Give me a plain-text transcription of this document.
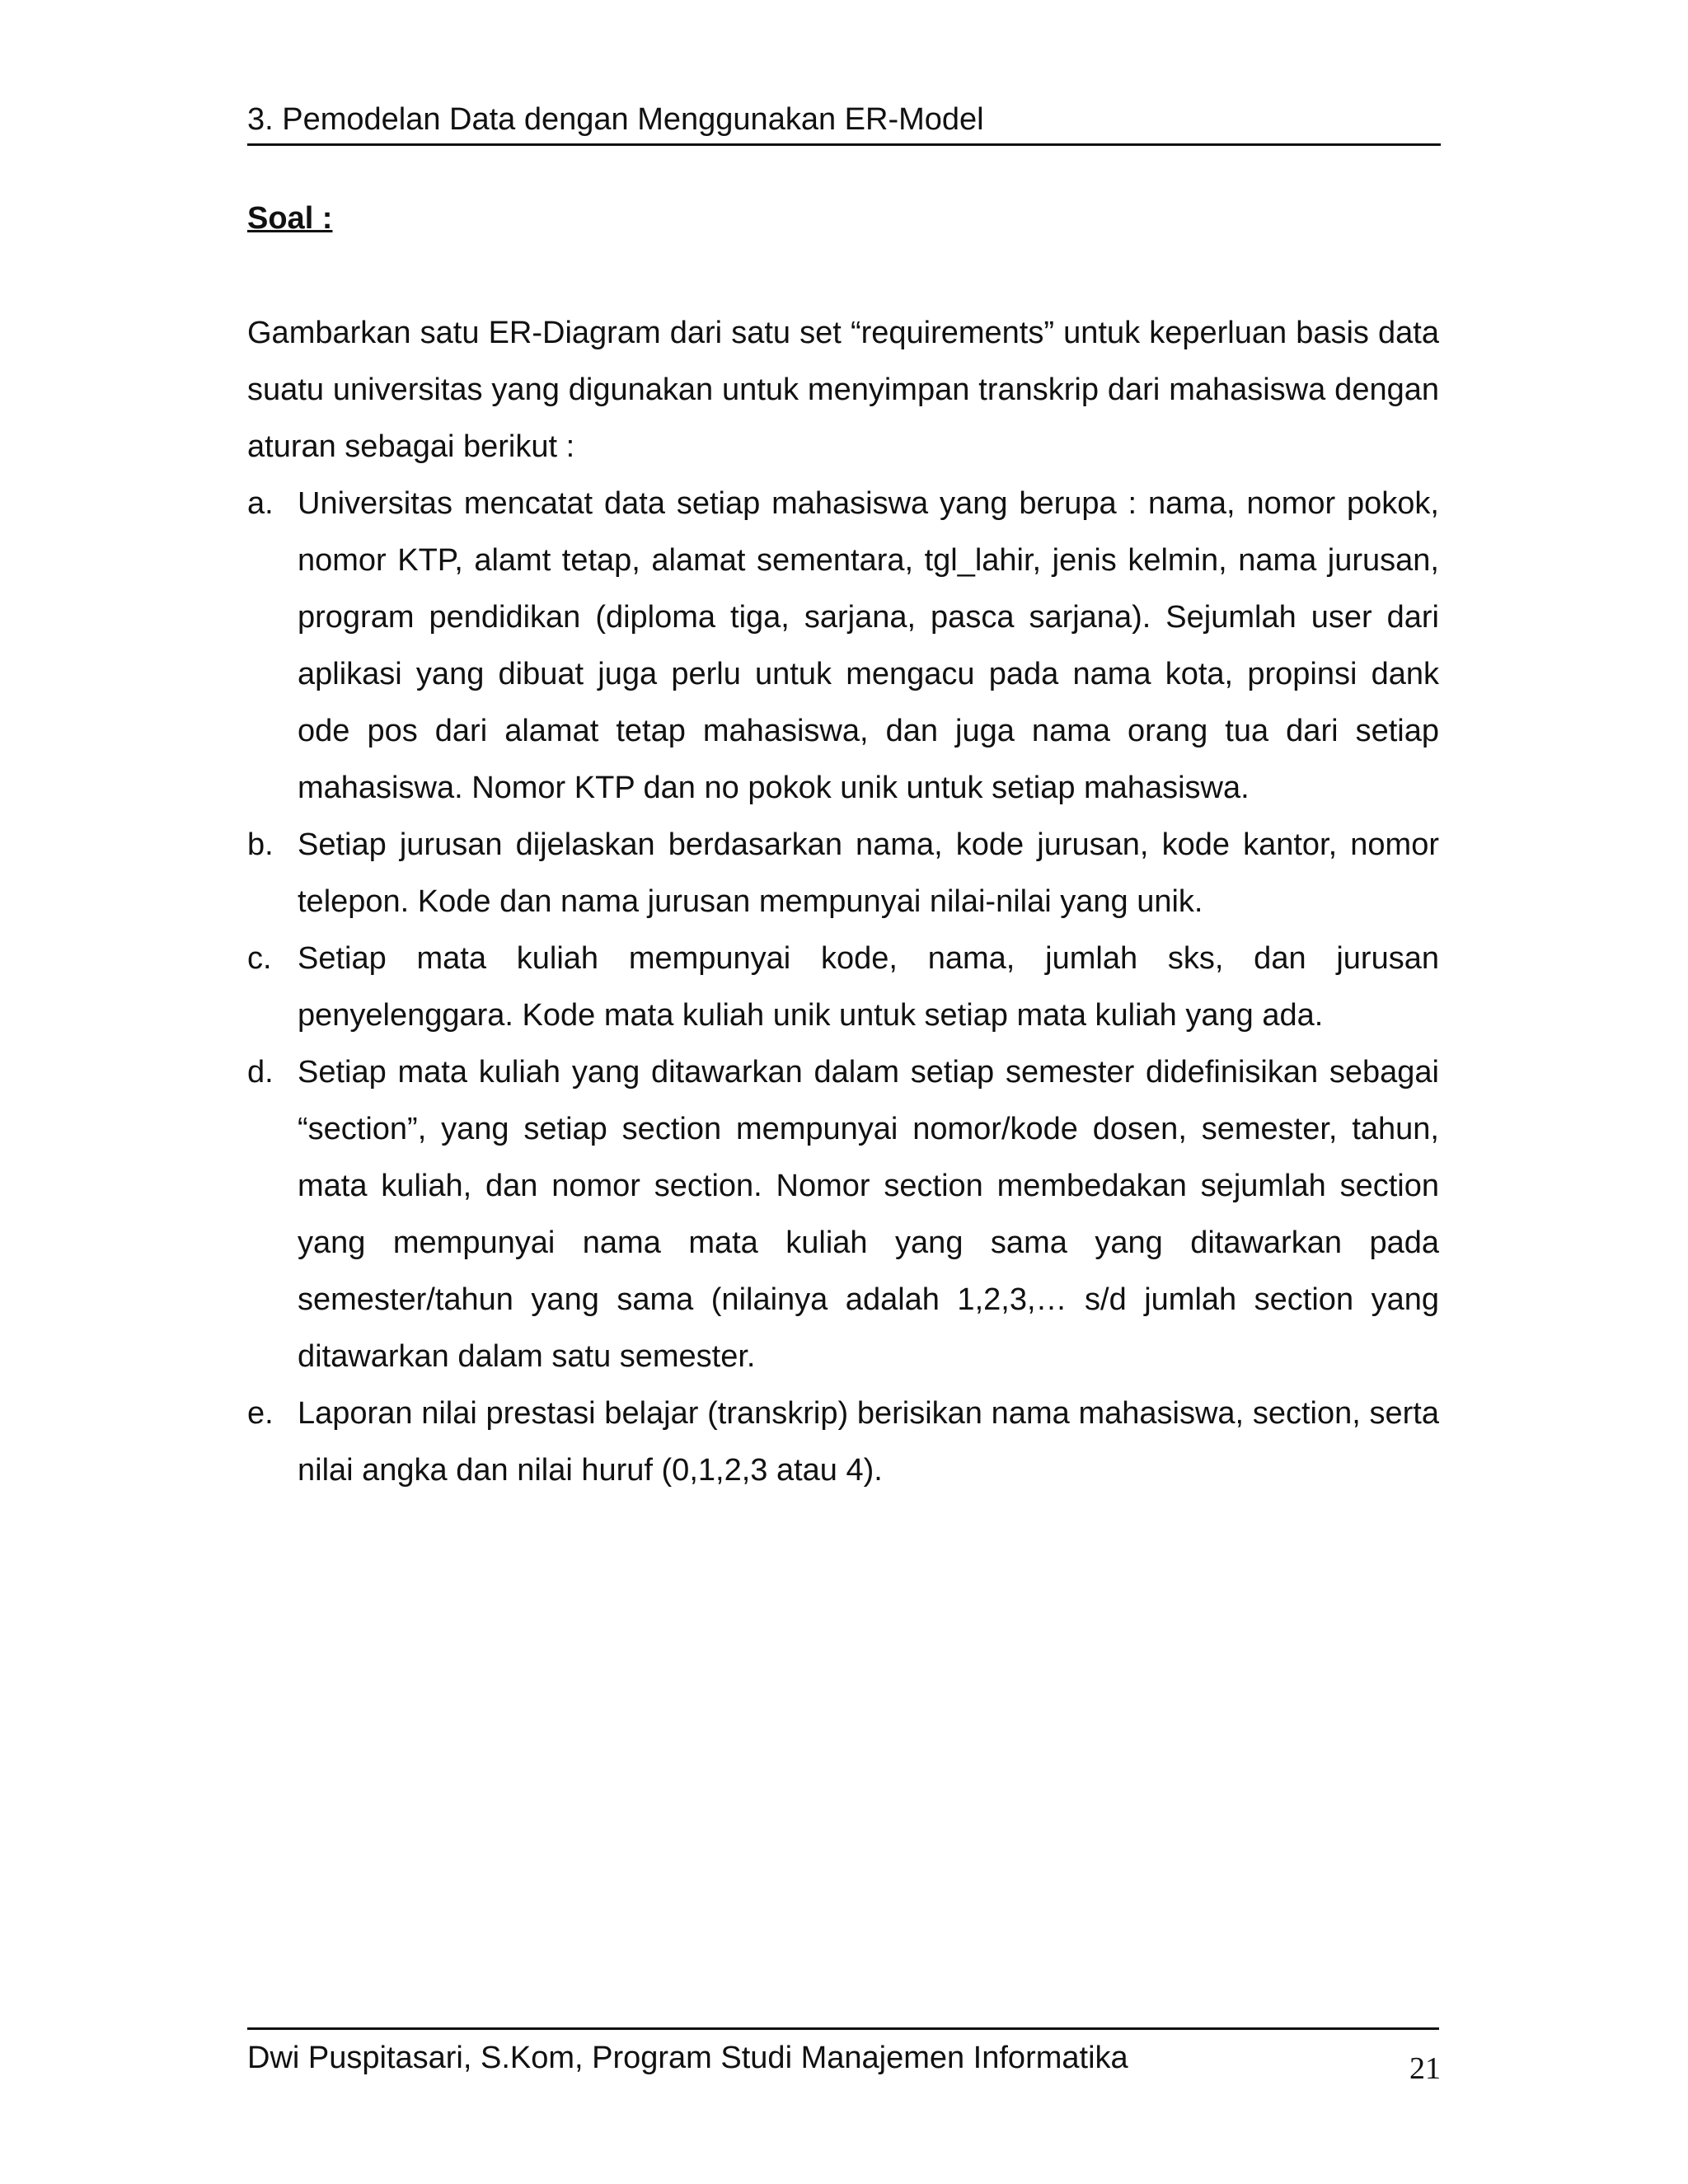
3. Pemodelan Data dengan Menggunakan ER-Model
Soal :

Gambarkan satu ER-Diagram dari satu set “requirements” untuk keperluan basis data suatu universitas yang digunakan untuk menyimpan transkrip dari mahasiswa dengan aturan sebagai berikut :

a. Universitas mencatat data setiap mahasiswa yang berupa : nama, nomor pokok, nomor KTP, alamt tetap, alamat sementara, tgl_lahir, jenis kelmin, nama jurusan, program pendidikan (diploma tiga, sarjana, pasca sarjana). Sejumlah user dari aplikasi yang dibuat juga perlu untuk mengacu pada nama kota, propinsi dank ode pos dari alamat tetap mahasiswa, dan juga nama orang tua dari setiap mahasiswa. Nomor KTP dan no pokok unik untuk setiap mahasiswa.
b. Setiap jurusan dijelaskan berdasarkan nama, kode jurusan, kode kantor, nomor telepon. Kode dan nama jurusan mempunyai nilai-nilai yang unik.
c. Setiap mata kuliah mempunyai kode, nama, jumlah sks, dan jurusan penyelenggara. Kode mata kuliah unik untuk setiap mata kuliah yang ada.
d. Setiap mata kuliah yang ditawarkan dalam setiap semester didefinisikan sebagai “section”, yang setiap section mempunyai nomor/kode dosen, semester, tahun, mata kuliah, dan nomor section. Nomor section membedakan sejumlah section yang mempunyai nama mata kuliah yang sama yang ditawarkan pada semester/tahun yang sama (nilainya adalah 1,2,3,… s/d jumlah section yang ditawarkan dalam satu semester.
e. Laporan nilai prestasi belajar (transkrip) berisikan nama mahasiswa, section, serta nilai angka dan nilai huruf (0,1,2,3 atau 4).
Dwi Puspitasari, S.Kom, Program Studi Manajemen Informatika	21
